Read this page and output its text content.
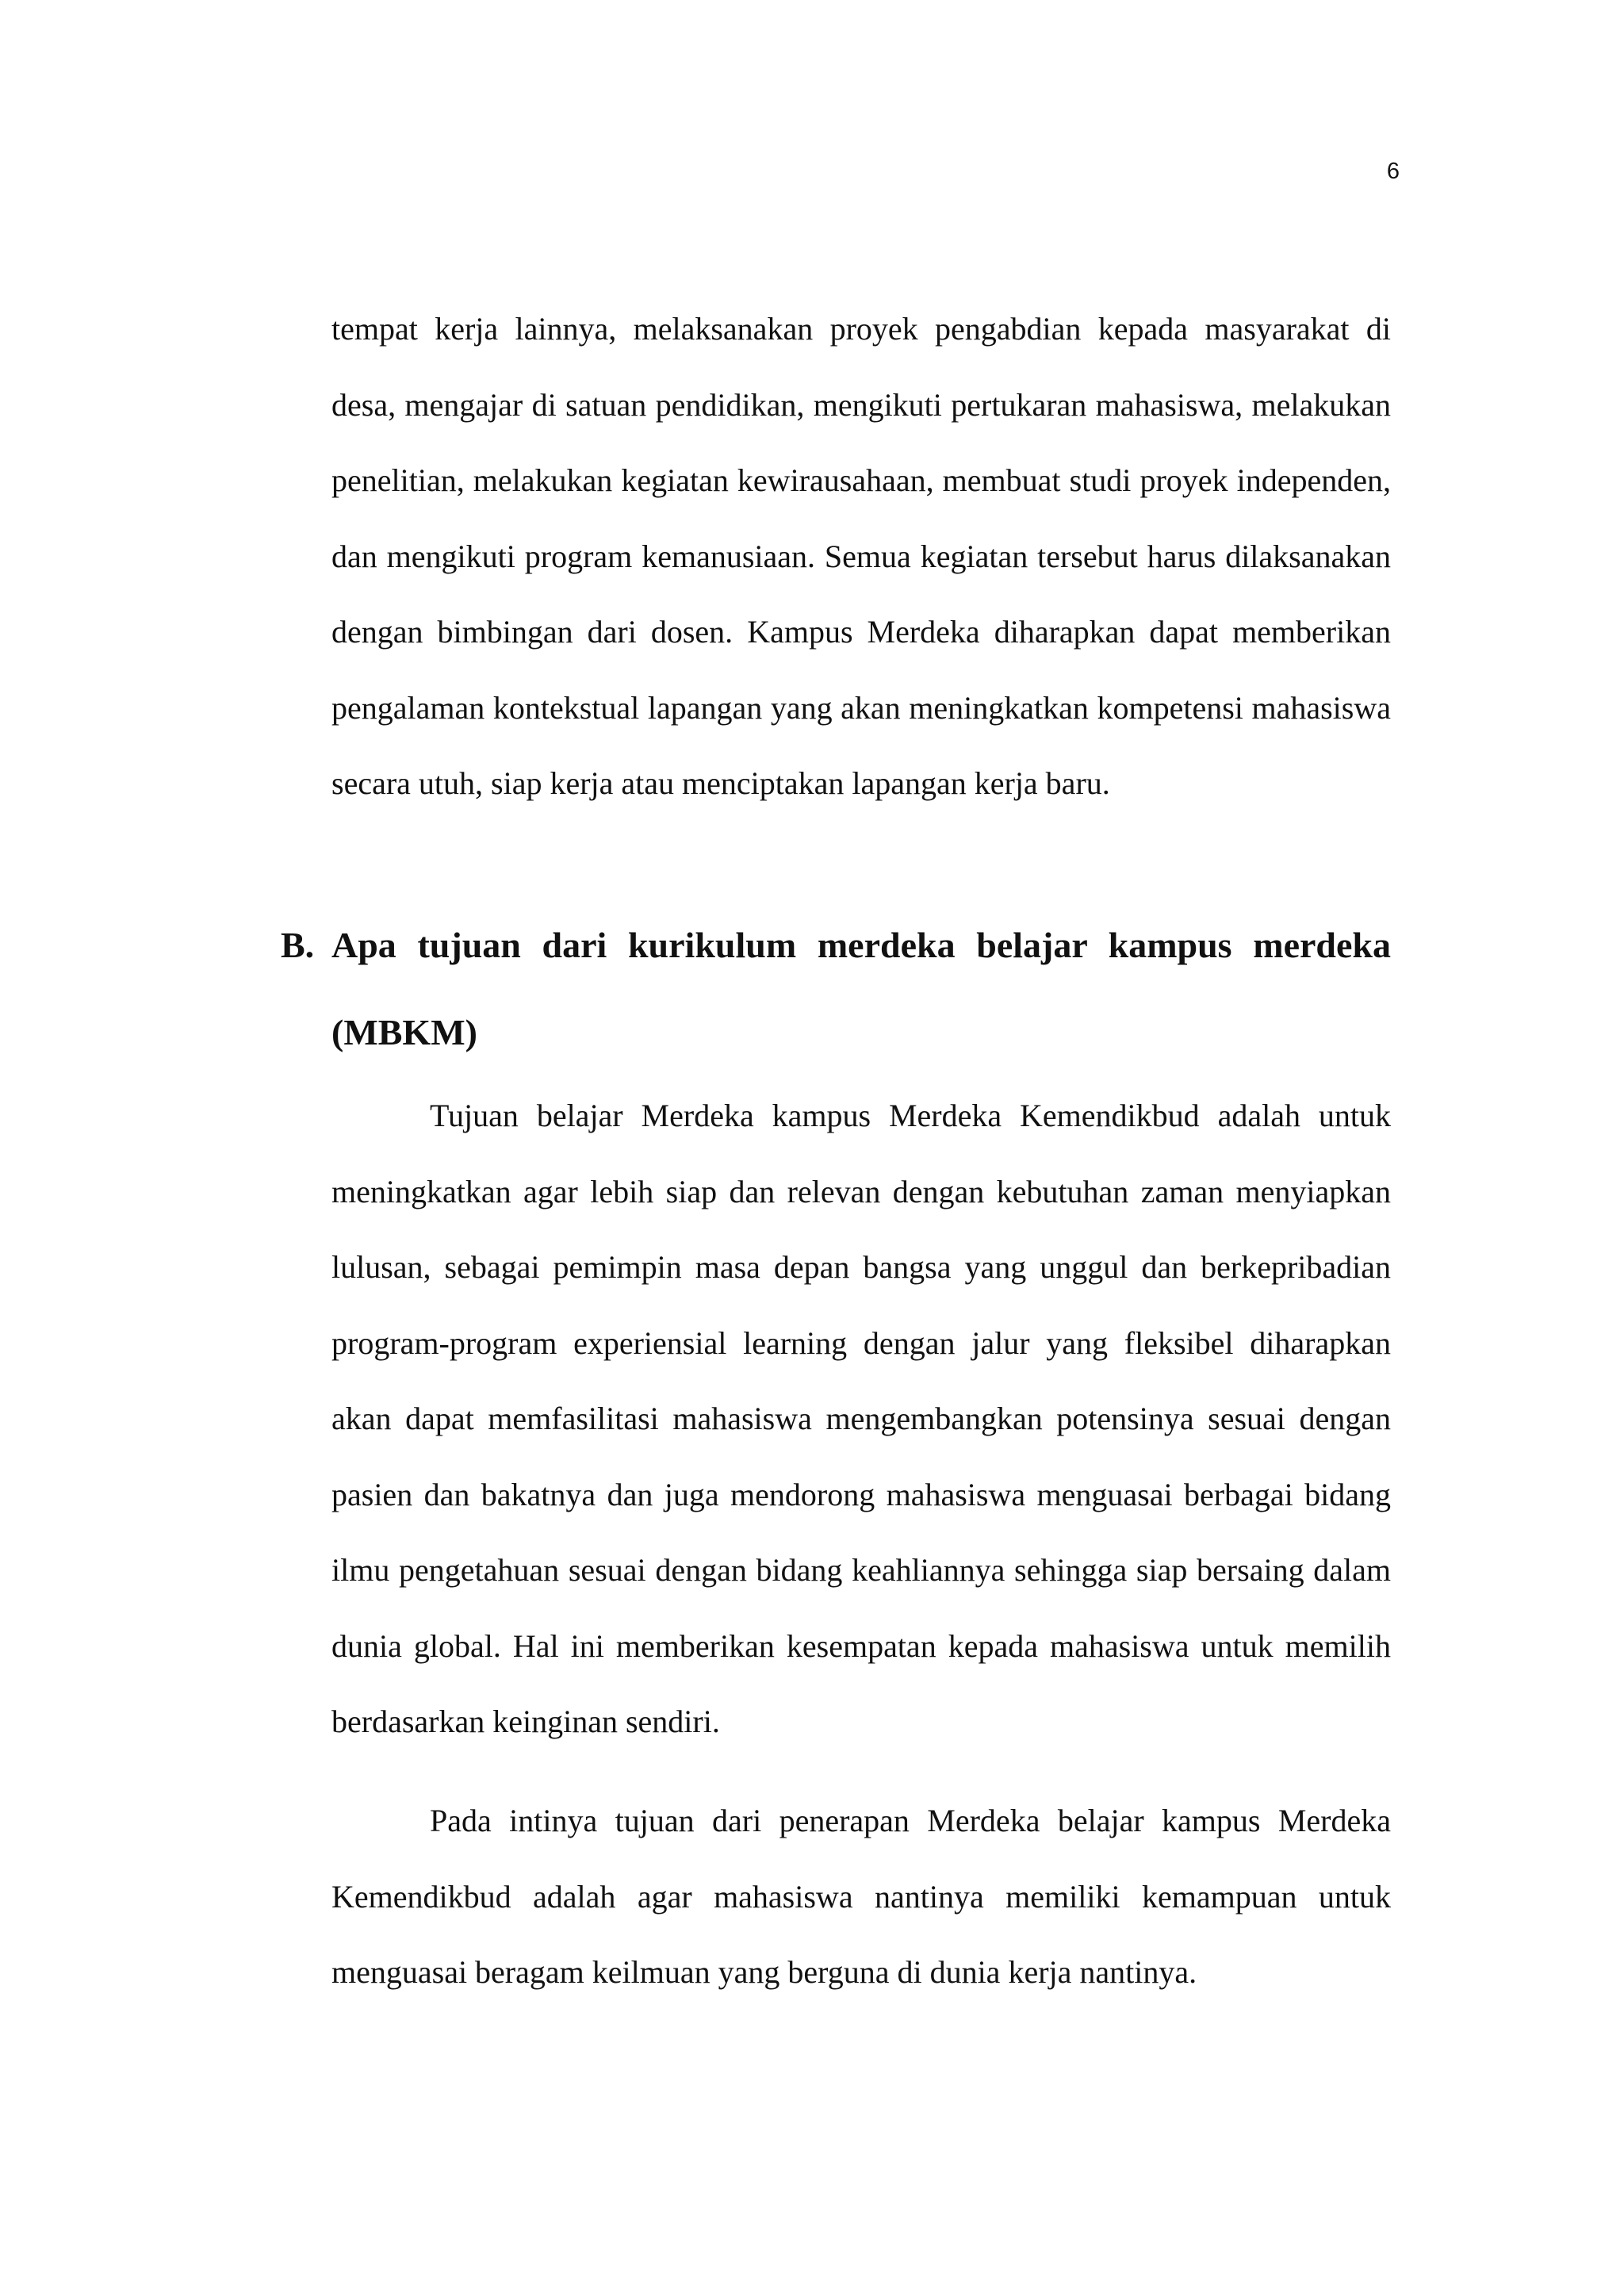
6

tempat kerja lainnya, melaksanakan proyek pengabdian kepada masyarakat di desa, mengajar di satuan pendidikan, mengikuti pertukaran mahasiswa, melakukan penelitian, melakukan kegiatan kewirausahaan, membuat studi proyek independen, dan mengikuti program kemanusiaan. Semua kegiatan tersebut harus dilaksanakan dengan bimbingan dari dosen. Kampus Merdeka diharapkan dapat memberikan pengalaman kontekstual lapangan yang akan meningkatkan kompetensi mahasiswa secara utuh, siap kerja atau menciptakan lapangan kerja baru.

B. Apa tujuan dari kurikulum merdeka belajar kampus merdeka
(MBKM)

Tujuan belajar Merdeka kampus Merdeka Kemendikbud adalah untuk meningkatkan agar lebih siap dan relevan dengan kebutuhan zaman menyiapkan lulusan, sebagai pemimpin masa depan bangsa yang unggul dan berkepribadian program-program experiensial learning dengan jalur yang fleksibel diharapkan akan dapat memfasilitasi mahasiswa mengembangkan potensinya sesuai dengan pasien dan bakatnya dan juga mendorong mahasiswa menguasai berbagai bidang ilmu pengetahuan sesuai dengan bidang keahliannya sehingga siap bersaing dalam dunia global. Hal ini memberikan kesempatan kepada mahasiswa untuk memilih berdasarkan keinginan sendiri.

Pada intinya tujuan dari penerapan Merdeka belajar kampus Merdeka Kemendikbud adalah agar mahasiswa nantinya memiliki kemampuan untuk menguasai beragam keilmuan yang berguna di dunia kerja nantinya.
